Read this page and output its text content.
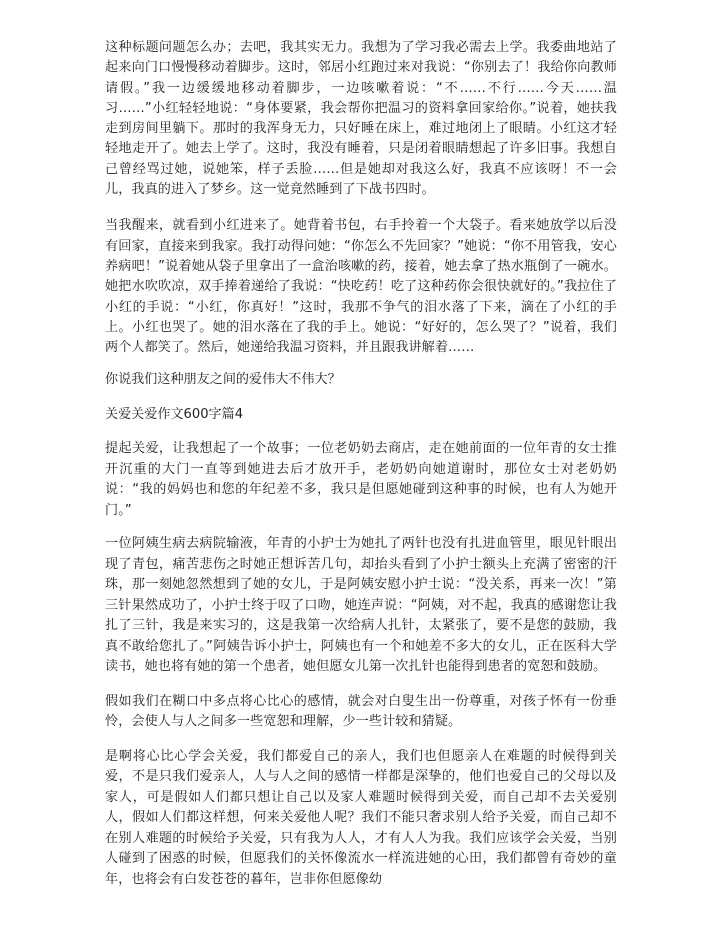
这种标题问题怎么办；去吧，我其实无力。我想为了学习我必需去上学。我委曲地站了起来向门口慢慢移动着脚步。这时，邻居小红跑过来对我说：“你别去了！我给你向教师请假。”我一边缓缓地移动着脚步，一边咳嗽着说：“不……不行……今天……温习……”小红轻轻地说：“身体要紧，我会帮你把温习的资料拿回家给你。”说着，她扶我走到房间里躺下。那时的我浑身无力，只好睡在床上，难过地闭上了眼睛。小红这才轻轻地走开了。她去上学了。这时，我没有睡着，只是闭着眼睛想起了许多旧事。我想自己曾经骂过她，说她笨，样子丢脸……但是她却对我这么好，我真不应该呀！不一会儿，我真的进入了梦乡。这一觉竟然睡到了下战书四时。

当我醒来，就看到小红进来了。她背着书包，右手拎着一个大袋子。看来她放学以后没有回家，直接来到我家。我打动得问她：“你怎么不先回家？”她说：“你不用管我，安心养病吧！”说着她从袋子里拿出了一盒治咳嗽的药，接着，她去拿了热水瓶倒了一碗水。她把水吹吹凉，双手捧着递给了我说：“快吃药！吃了这种药你会很快就好的。”我拉住了小红的手说：“小红，你真好！”这时，我那不争气的泪水落了下来，滴在了小红的手上。小红也哭了。她的泪水落在了我的手上。她说：“好好的，怎么哭了？”说着，我们两个人都笑了。然后，她递给我温习资料，并且跟我讲解着……

你说我们这种朋友之间的爱伟大不伟大？

关爱关爱作文600字篇4

提起关爱，让我想起了一个故事；一位老奶奶去商店，走在她前面的一位年青的女士推开沉重的大门一直等到她进去后才放开手，老奶奶向她道谢时，那位女士对老奶奶说：“我的妈妈也和您的年纪差不多，我只是但愿她碰到这种事的时候，也有人为她开门。”

一位阿姨生病去病院输液，年青的小护士为她扎了两针也没有扎进血管里，眼见针眼出现了青包，痛苦悲伤之时她正想诉苦几句，却抬头看到了小护士额头上充满了密密的汗珠，那一刻她忽然想到了她的女儿，于是阿姨安慰小护士说：“没关系，再来一次！”第三针果然成功了，小护士终于叹了口吻，她连声说：“阿姨，对不起，我真的感谢您让我扎了三针，我是来实习的，这是我第一次给病人扎针，太紧张了，要不是您的鼓励，我真不敢给您扎了。”阿姨告诉小护士，阿姨也有一个和她差不多大的女儿，正在医科大学读书，她也将有她的第一个患者，她但愿女儿第一次扎针也能得到患者的宽恕和鼓励。

假如我们在糊口中多点将心比心的感情，就会对白叟生出一份尊重，对孩子怀有一份垂怜，会使人与人之间多一些宽恕和理解，少一些计较和猜疑。

是啊将心比心学会关爱，我们都爱自己的亲人，我们也但愿亲人在难题的时候得到关爱，不是只我们爱亲人，人与人之间的感情一样都是深挚的，他们也爱自己的父母以及家人，可是假如人们都只想让自己以及家人难题时候得到关爱，而自己却不去关爱别人，假如人们都这样想，何来关爱他人呢？我们不能只奢求别人给予关爱，而自己却不在别人难题的时候给予关爱，只有我为人人，才有人人为我。我们应该学会关爱，当别人碰到了困惑的时候，但愿我们的关怀像流水一样流进她的心田，我们都曾有奇妙的童年，也将会有白发苍苍的暮年，岂非你但愿像幼
